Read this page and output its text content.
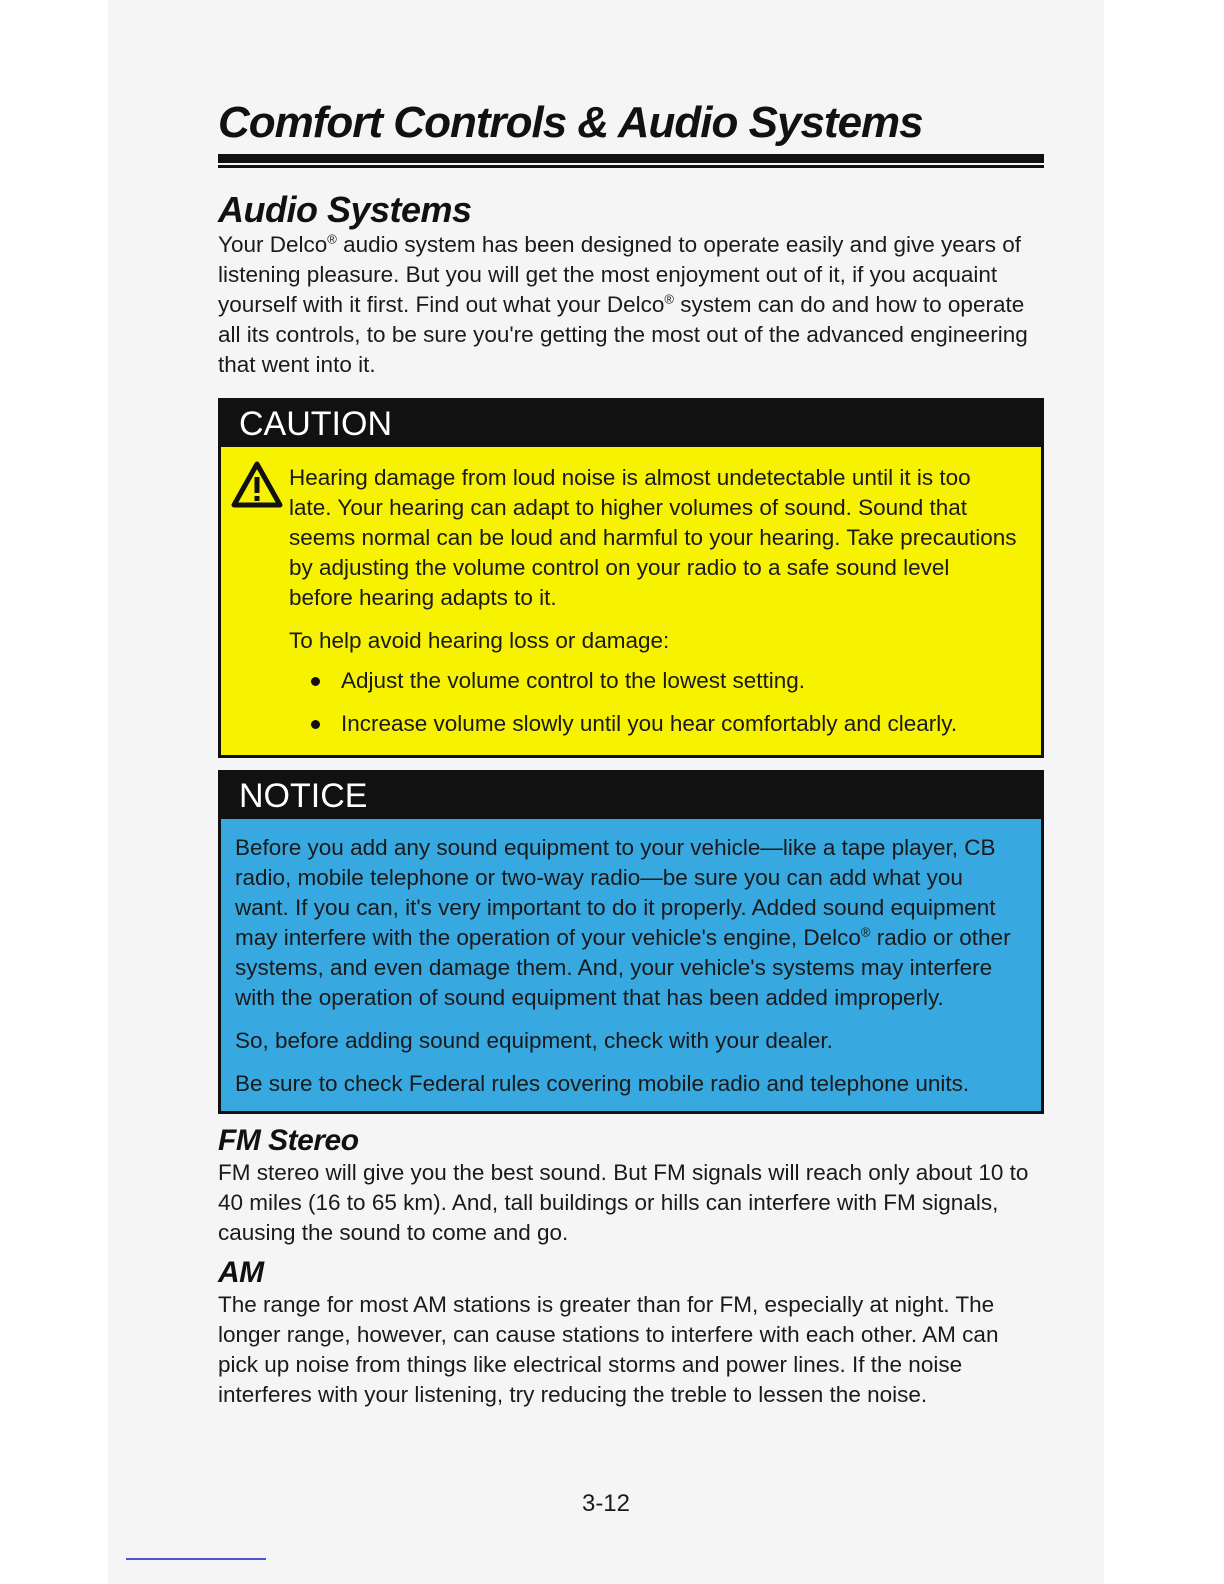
Comfort Controls & Audio Systems
Audio Systems

Your Delco® audio system has been designed to operate easily and give years of listening pleasure. But you will get the most enjoyment out of it, if you acquaint yourself with it first. Find out what your Delco® system can do and how to operate all its controls, to be sure you're getting the most out of the advanced engineering that went into it.

CAUTION

Hearing damage from loud noise is almost undetectable until it is too late. Your hearing can adapt to higher volumes of sound. Sound that seems normal can be loud and harmful to your hearing. Take precautions by adjusting the volume control on your radio to a safe sound level before hearing adapts to it.

To help avoid hearing loss or damage:

Adjust the volume control to the lowest setting.
Increase volume slowly until you hear comfortably and clearly.
NOTICE

Before you add any sound equipment to your vehicle—like a tape player, CB radio, mobile telephone or two-way radio—be sure you can add what you want. If you can, it's very important to do it properly. Added sound equipment may interfere with the operation of your vehicle's engine, Delco® radio or other systems, and even damage them. And, your vehicle's systems may interfere with the operation of sound equipment that has been added improperly.

So, before adding sound equipment, check with your dealer.

Be sure to check Federal rules covering mobile radio and telephone units.

FM Stereo

FM stereo will give you the best sound. But FM signals will reach only about 10 to 40 miles (16 to 65 km). And, tall buildings or hills can interfere with FM signals, causing the sound to come and go.

AM

The range for most AM stations is greater than for FM, especially at night. The longer range, however, can cause stations to interfere with each other. AM can pick up noise from things like electrical storms and power lines. If the noise interferes with your listening, try reducing the treble to lessen the noise.

3-12
